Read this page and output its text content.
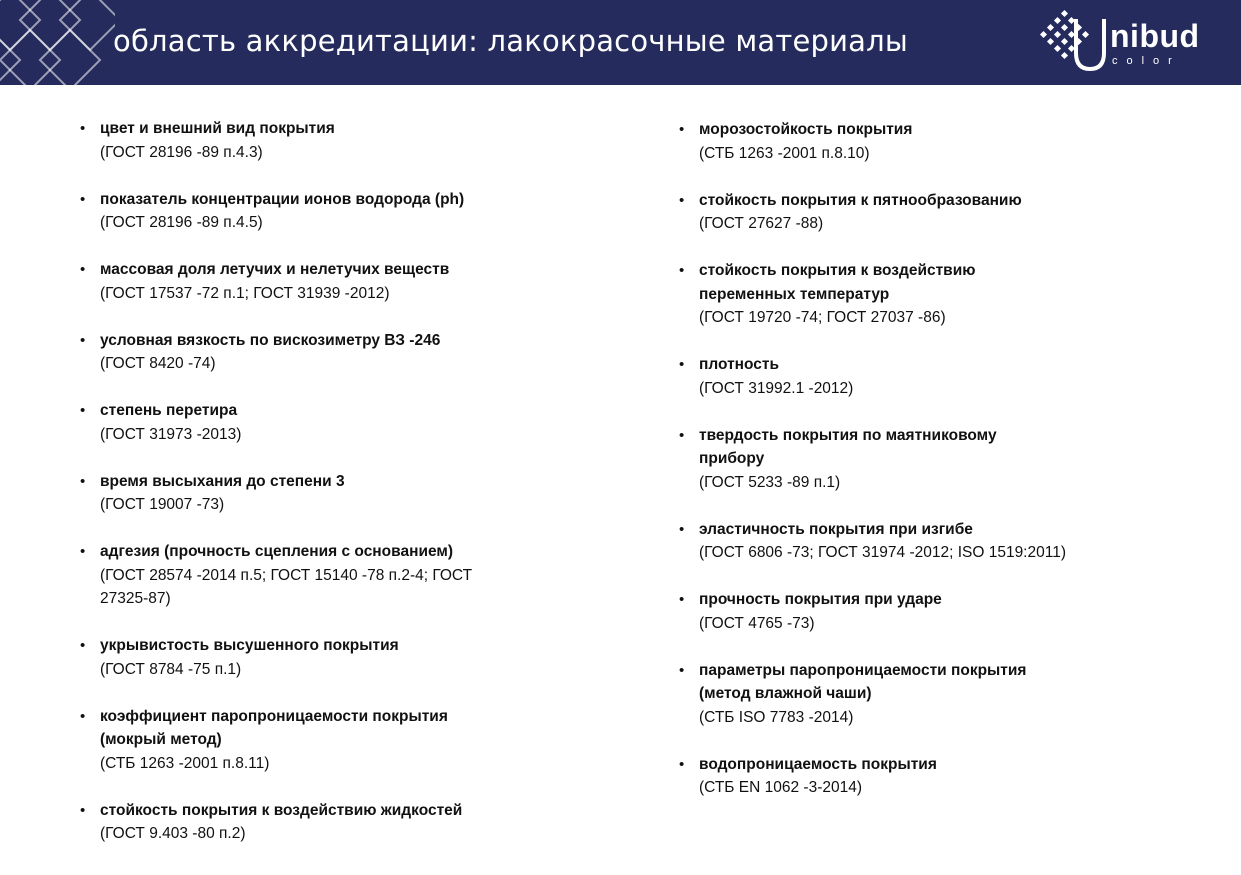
область аккредитации: лакокрасочные материалы	nibud
color
• цвет и внешний вид покрытия
(ГОСТ 28196 -89 п.4.3)
• показатель концентрации ионов водорода (ph)
(ГОСТ 28196 -89 п.4.5)
• массовая доля летучих и нелетучих веществ
(ГОСТ 17537 -72 п.1; ГОСТ 31939 -2012)
• условная вязкость по вискозиметру ВЗ -246
(ГОСТ 8420 -74)
• степень перетира
(ГОСТ 31973 -2013)
• время высыхания до степени 3
(ГОСТ 19007 -73)
• адгезия (прочность сцепления с основанием)
(ГОСТ 28574 -2014 п.5; ГОСТ 15140 -78 п.2-4; ГОСТ
27325-87)
• укрывистость высушенного покрытия
(ГОСТ 8784 -75 п.1)
• коэффициент паропроницаемости покрытия
(мокрый метод)
(СТБ 1263 -2001 п.8.11)
• стойкость покрытия к воздействию жидкостей
(ГОСТ 9.403 -80 п.2)
• морозостойкость покрытия
(СТБ 1263 -2001 п.8.10)
• стойкость покрытия к пятнообразованию
(ГОСТ 27627 -88)
• стойкость покрытия к воздействию
переменных температур
(ГОСТ 19720 -74; ГОСТ 27037 -86)
• плотность
(ГОСТ 31992.1 -2012)
• твердость покрытия по маятниковому
прибору
(ГОСТ 5233 -89 п.1)
• эластичность покрытия при изгибе
(ГОСТ 6806 -73; ГОСТ 31974 -2012; ISO 1519:2011)
• прочность покрытия при ударе
(ГОСТ 4765 -73)
• параметры паропроницаемости покрытия
(метод влажной чаши)
(СТБ ISO 7783 -2014)
• водопроницаемость покрытия
(СТБ EN 1062 -3-2014)
